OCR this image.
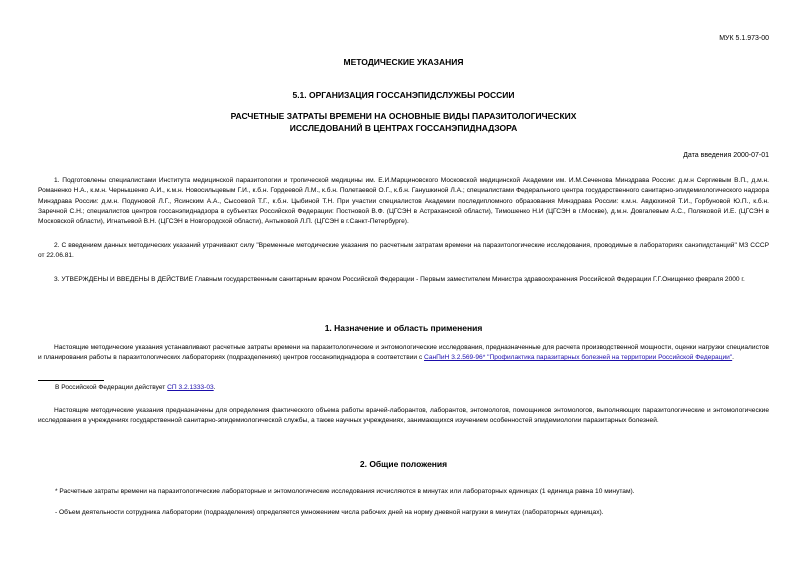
МУК 5.1.973-00
МЕТОДИЧЕСКИЕ УКАЗАНИЯ
5.1. ОРГАНИЗАЦИЯ ГОССАНЭПИДСЛУЖБЫ РОССИИ
РАСЧЕТНЫЕ ЗАТРАТЫ ВРЕМЕНИ НА ОСНОВНЫЕ ВИДЫ ПАРАЗИТОЛОГИЧЕСКИХ
ИССЛЕДОВАНИЙ В ЦЕНТРАХ ГОССАНЭПИДНАДЗОРА
Дата введения 2000-07-01

1. Подготовлены специалистами Института медицинской паразитологии и тропической медицины им. Е.И.Марциновского Московской медицинской Академии им. И.М.Сеченова Минздрава России: д.м.н Сергиевым В.П., д.м.н. Романенко Н.А., к.м.н. Чернышенко А.И., к.м.н. Новосильцевым Г.И., к.б.н. Гордеевой Л.М., к.б.н. Полетаевой О.Г., к.б.н. Ганушкиной Л.А.; специалистами Федерального центра государственного санитарно-эпидемиологического надзора Минздрава России: д.м.н. Подуновой Л.Г., Ясинским А.А., Сысоевой Т.Г., к.б.н. Цыбиной Т.Н. При участии специалистов Академии последипломного образования Минздрава России: к.м.н. Авдюхиной Т.И., Горбуновой Ю.П., к.б.н. Заречной С.Н.; специалистов центров госсанэпиднадзора в субъектах Российской Федерации: Постновой В.Ф. (ЦГСЭН в Астраханской области), Тимошенко Н.И (ЦГСЭН в г.Москве), д.м.н. Довгалевым А.С., Поляковой И.Е. (ЦГСЭН в Московской области), Игнатьевой В.Н. (ЦГСЭН в Новгородской области), Антыковой Л.П. (ЦГСЭН в г.Санкт-Петербурге).

2. С введением данных методических указаний утрачивают силу "Временные методические указания по расчетным затратам времени на паразитологические исследования, проводимые в лабораториях санэпидстанций" МЗ СССР от 22.06.81.

3. УТВЕРЖДЕНЫ И ВВЕДЕНЫ В ДЕЙСТВИЕ Главным государственным санитарным врачом Российской Федерации - Первым заместителем Министра здравоохранения Российской Федерации Г.Г.Онищенко февраля 2000 г.

1. Назначение и область применения

Настоящие методические указания устанавливают расчетные затраты времени на паразитологические и энтомологические исследования, предназначенные для расчета производственной мощности, оценки нагрузки специалистов и планирования работы в паразитологических лабораториях (подразделениях) центров госсанэпиднадзора в соответствии с СанПиН 3.2.569-96* "Профилактика паразитарных болезней на территории Российской Федерации".

В Российской Федерации действует СП 3.2.1333-03.

Настоящие методические указания предназначены для определения фактического объема работы врачей-лаборантов, лаборантов, энтомологов, помощников энтомологов, выполняющих паразитологические и энтомологические исследования в учреждениях государственной санитарно-эпидемиологической службы, а также научных учреждениях, занимающихся изучением особенностей эпидемиологии паразитарных болезней.

2. Общие положения
* Расчетные затраты времени на паразитологические лабораторные и энтомологические исследования исчисляются в минутах или лабораторных единицах (1 единица равна 10 минутам).
- Объем деятельности сотрудника лаборатории (подразделения) определяется умножением числа рабочих дней на норму дневной нагрузки в минутах (лабораторных единицах).
